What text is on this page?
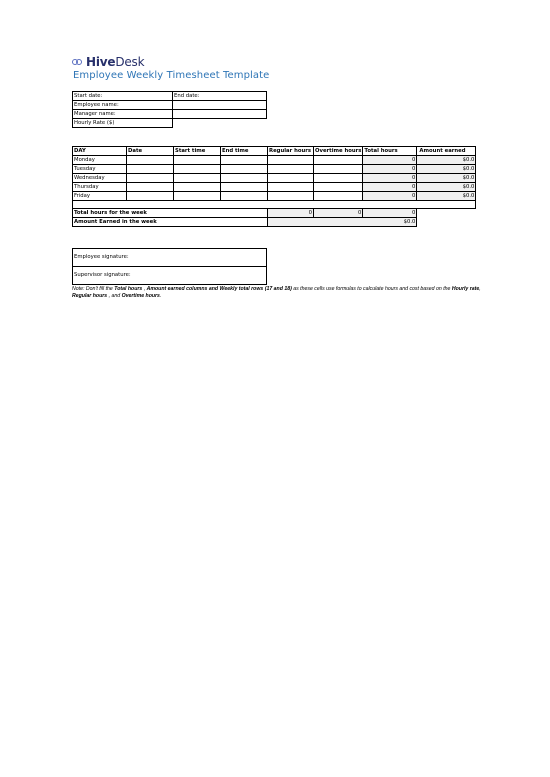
HiveDesk
Employee Weekly Timesheet Template
Start date:	End date:
Employee name:	
Manager name:	
Hourly Rate ($)	
DAY	Date	Start time	End time	Regular hours	Overtime hours	Total hours	Amount earned
Monday						0	$0.0
Tuesday						0	$0.0
Wednesday						0	$0.0
Thursday						0	$0.0
Friday						0	$0.0

Total hours for the week				0	0	0	
Amount Earned in the week				$0.0			
Employee signature:
Supervisor signature:
Note: Don't fill the Total hours , Amount earned columns and Weekly total rows (17 and 18) as these cells use formulas to calculate hours and cost based on the Hourly rate, Regular hours , and Overtime hours.
